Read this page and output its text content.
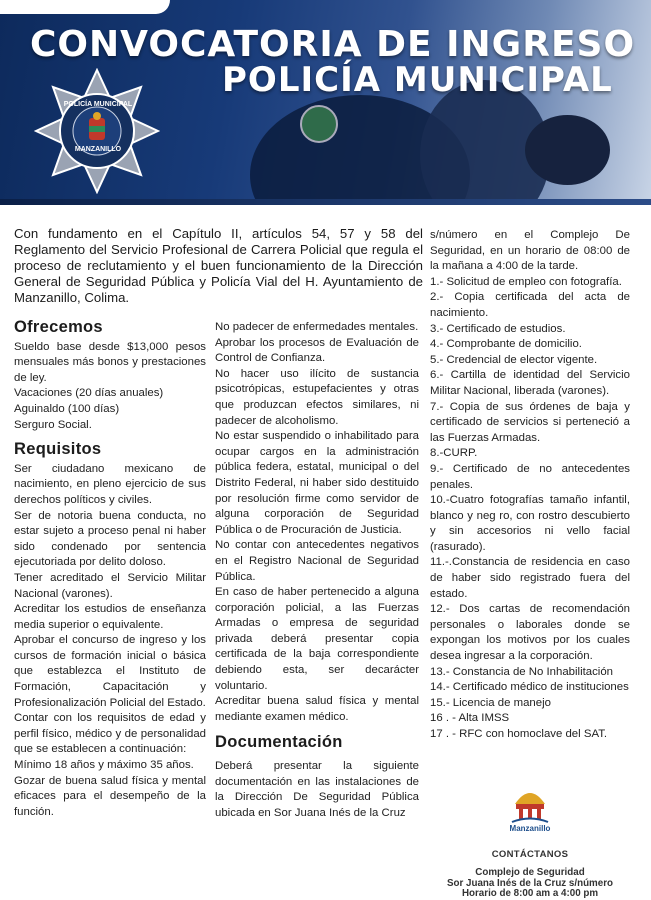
CONVOCATORIA DE INGRESO
POLICÍA MUNICIPAL
POLICÍA MUNICIPAL
MANZANILLO
Con fundamento en el Capítulo II, artículos 54, 57 y 58 del Reglamento del Servicio Profesional de Carrera Policial que regula el proceso de reclutamiento y el buen funcionamiento de la Dirección General de Seguridad Pública y Policía Vial del H. Ayuntamiento de Manzanillo, Colima.
Ofrecemos

Sueldo base desde $13,000 pesos mensuales más bonos y prestaciones de ley.

Vacaciones (20 días anuales)

Aguinaldo (100 días)

Serguro Social.

Requisitos

Ser ciudadano mexicano de nacimiento, en pleno ejercicio de sus derechos políticos y civiles.

Ser de notoria buena conducta, no estar sujeto a proceso penal ni haber sido condenado por sentencia ejecutoriada por delito doloso.

Tener acreditado el Servicio Militar Nacional (varones).

Acreditar los estudios de enseñanza media superior o equivalente.

Aprobar el concurso de ingreso y los cursos de formación inicial o básica que establezca el Instituto de Formación, Capacitación y Profesionalización Policial del Estado.

Contar con los requisitos de edad y perfil físico, médico y de personalidad que se establecen a continuación:

Mínimo 18 años y máximo 35 años.

Gozar de buena salud física y mental eficaces para el desempeño de la función.

No padecer de enfermedades mentales.

Aprobar los procesos de Evaluación de Control de Confianza.

No hacer uso ilícito de sustancia psicotrópicas, estupefacientes y otras que produzcan efectos similares, ni padecer de alcoholismo.

No estar suspendido o inhabilitado para ocupar cargos en la administración pública federa, estatal, municipal o del Distrito Federal, ni haber sido destituido por resolución firme como servidor de alguna corporación de Seguridad Pública o de Procuración de Justicia.

No contar con antecedentes negativos en el Registro Nacional de Seguridad Pública.

En caso de haber pertenecido a alguna corporación policial, a las Fuerzas Armadas o empresa de seguridad privada deberá presentar copia certificada de la baja correspondiente debiendo esta, ser decarácter voluntario.

Acreditar buena salud física y mental mediante examen médico.

Documentación

Deberá presentar la siguiente documentación en las instalaciones de la Dirección De Seguridad Pública ubicada en Sor Juana Inés de la Cruz

s/número en el Complejo De Seguridad, en un horario de 08:00 de la mañana a 4:00 de la tarde.

1.- Solicitud de empleo con fotografía.

2.- Copia certificada del acta de nacimiento.

3.- Certificado de estudios.

4.- Comprobante de domicilio.

5.- Credencial de elector vigente.

6.- Cartilla de identidad del Servicio Militar Nacional, liberada (varones).

7.- Copia de sus órdenes de baja y certificado de servicios si perteneció a las Fuerzas Armadas.

8.-CURP.

9.- Certificado de no antecedentes penales.

10.-Cuatro fotografías tamaño infantil, blanco y neg ro, con rostro descubierto y sin accesorios ni vello facial (rasurado).

11.-.Constancia de residencia en caso de haber sido registrado fuera del estado.

12.- Dos cartas de recomendación personales o laborales donde se expongan los motivos por los cuales desea ingresar a la corporación.

13.- Constancia de No Inhabilitación

14.- Certificado médico de instituciones

15.- Licencia de manejo

16 . - Alta IMSS

17 . - RFC con homoclave del SAT.

Manzanillo
CONTÁCTANOS
Complejo de Seguridad
Sor Juana Inés de la Cruz s/número
Horario de 8:00 am a 4:00 pm
